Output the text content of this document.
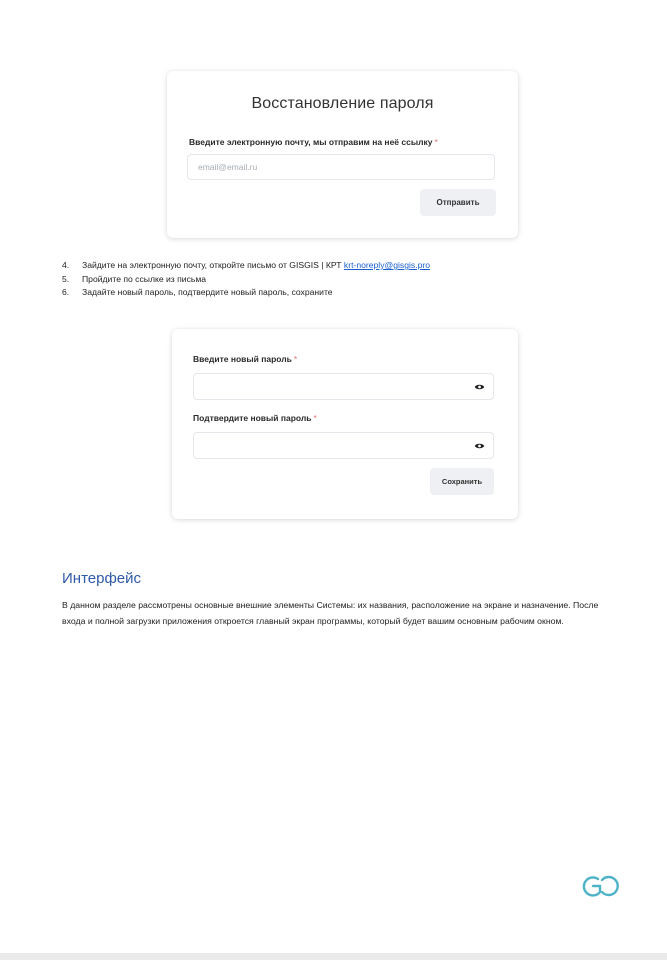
Восстановление пароля
Введите электронную почту, мы отправим на неё ссылку *
email@email.ru
Отправить
4. Зайдите на электронную почту, откройте письмо от GISGIS | КРТ krt-noreply@gisgis.pro
5. Пройдите по ссылке из письма
6. Задайте новый пароль, подтвердите новый пароль, сохраните
Введите новый пароль *
Подтвердите новый пароль *
Сохранить
Интерфейс
В данном разделе рассмотрены основные внешние элементы Системы: их названия, расположение на экране и назначение. После входа и полной загрузки приложения откроется главный экран программы, который будет вашим основным рабочим окном.
